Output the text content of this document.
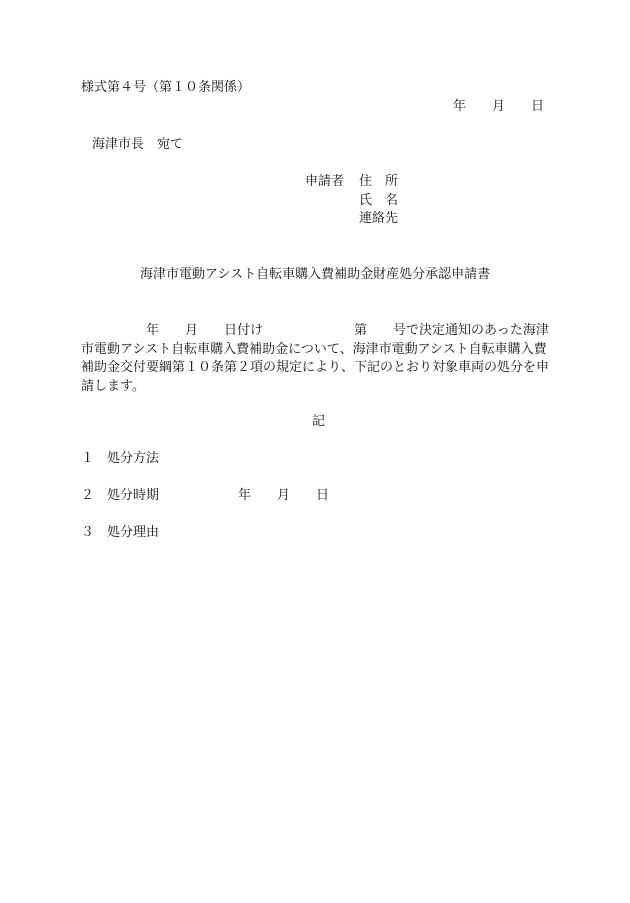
様式第４号（第１０条関係）
年　　月　　日
海津市長　宛て
申請者 住　所
氏　名
連絡先
海津市電動アシスト自転車購入費補助金財産処分承認申請書
　　　　　年　　月　　日付け　　　　　　　第　　号で決定通知のあった海津
市電動アシスト自転車購入費補助金について、海津市電動アシスト自転車購入費
補助金交付要綱第１０条第２項の規定により、下記のとおり対象車両の処分を申
請します。
記
１　処分方法
２　処分時期	年　　月　　日
３　処分理由
